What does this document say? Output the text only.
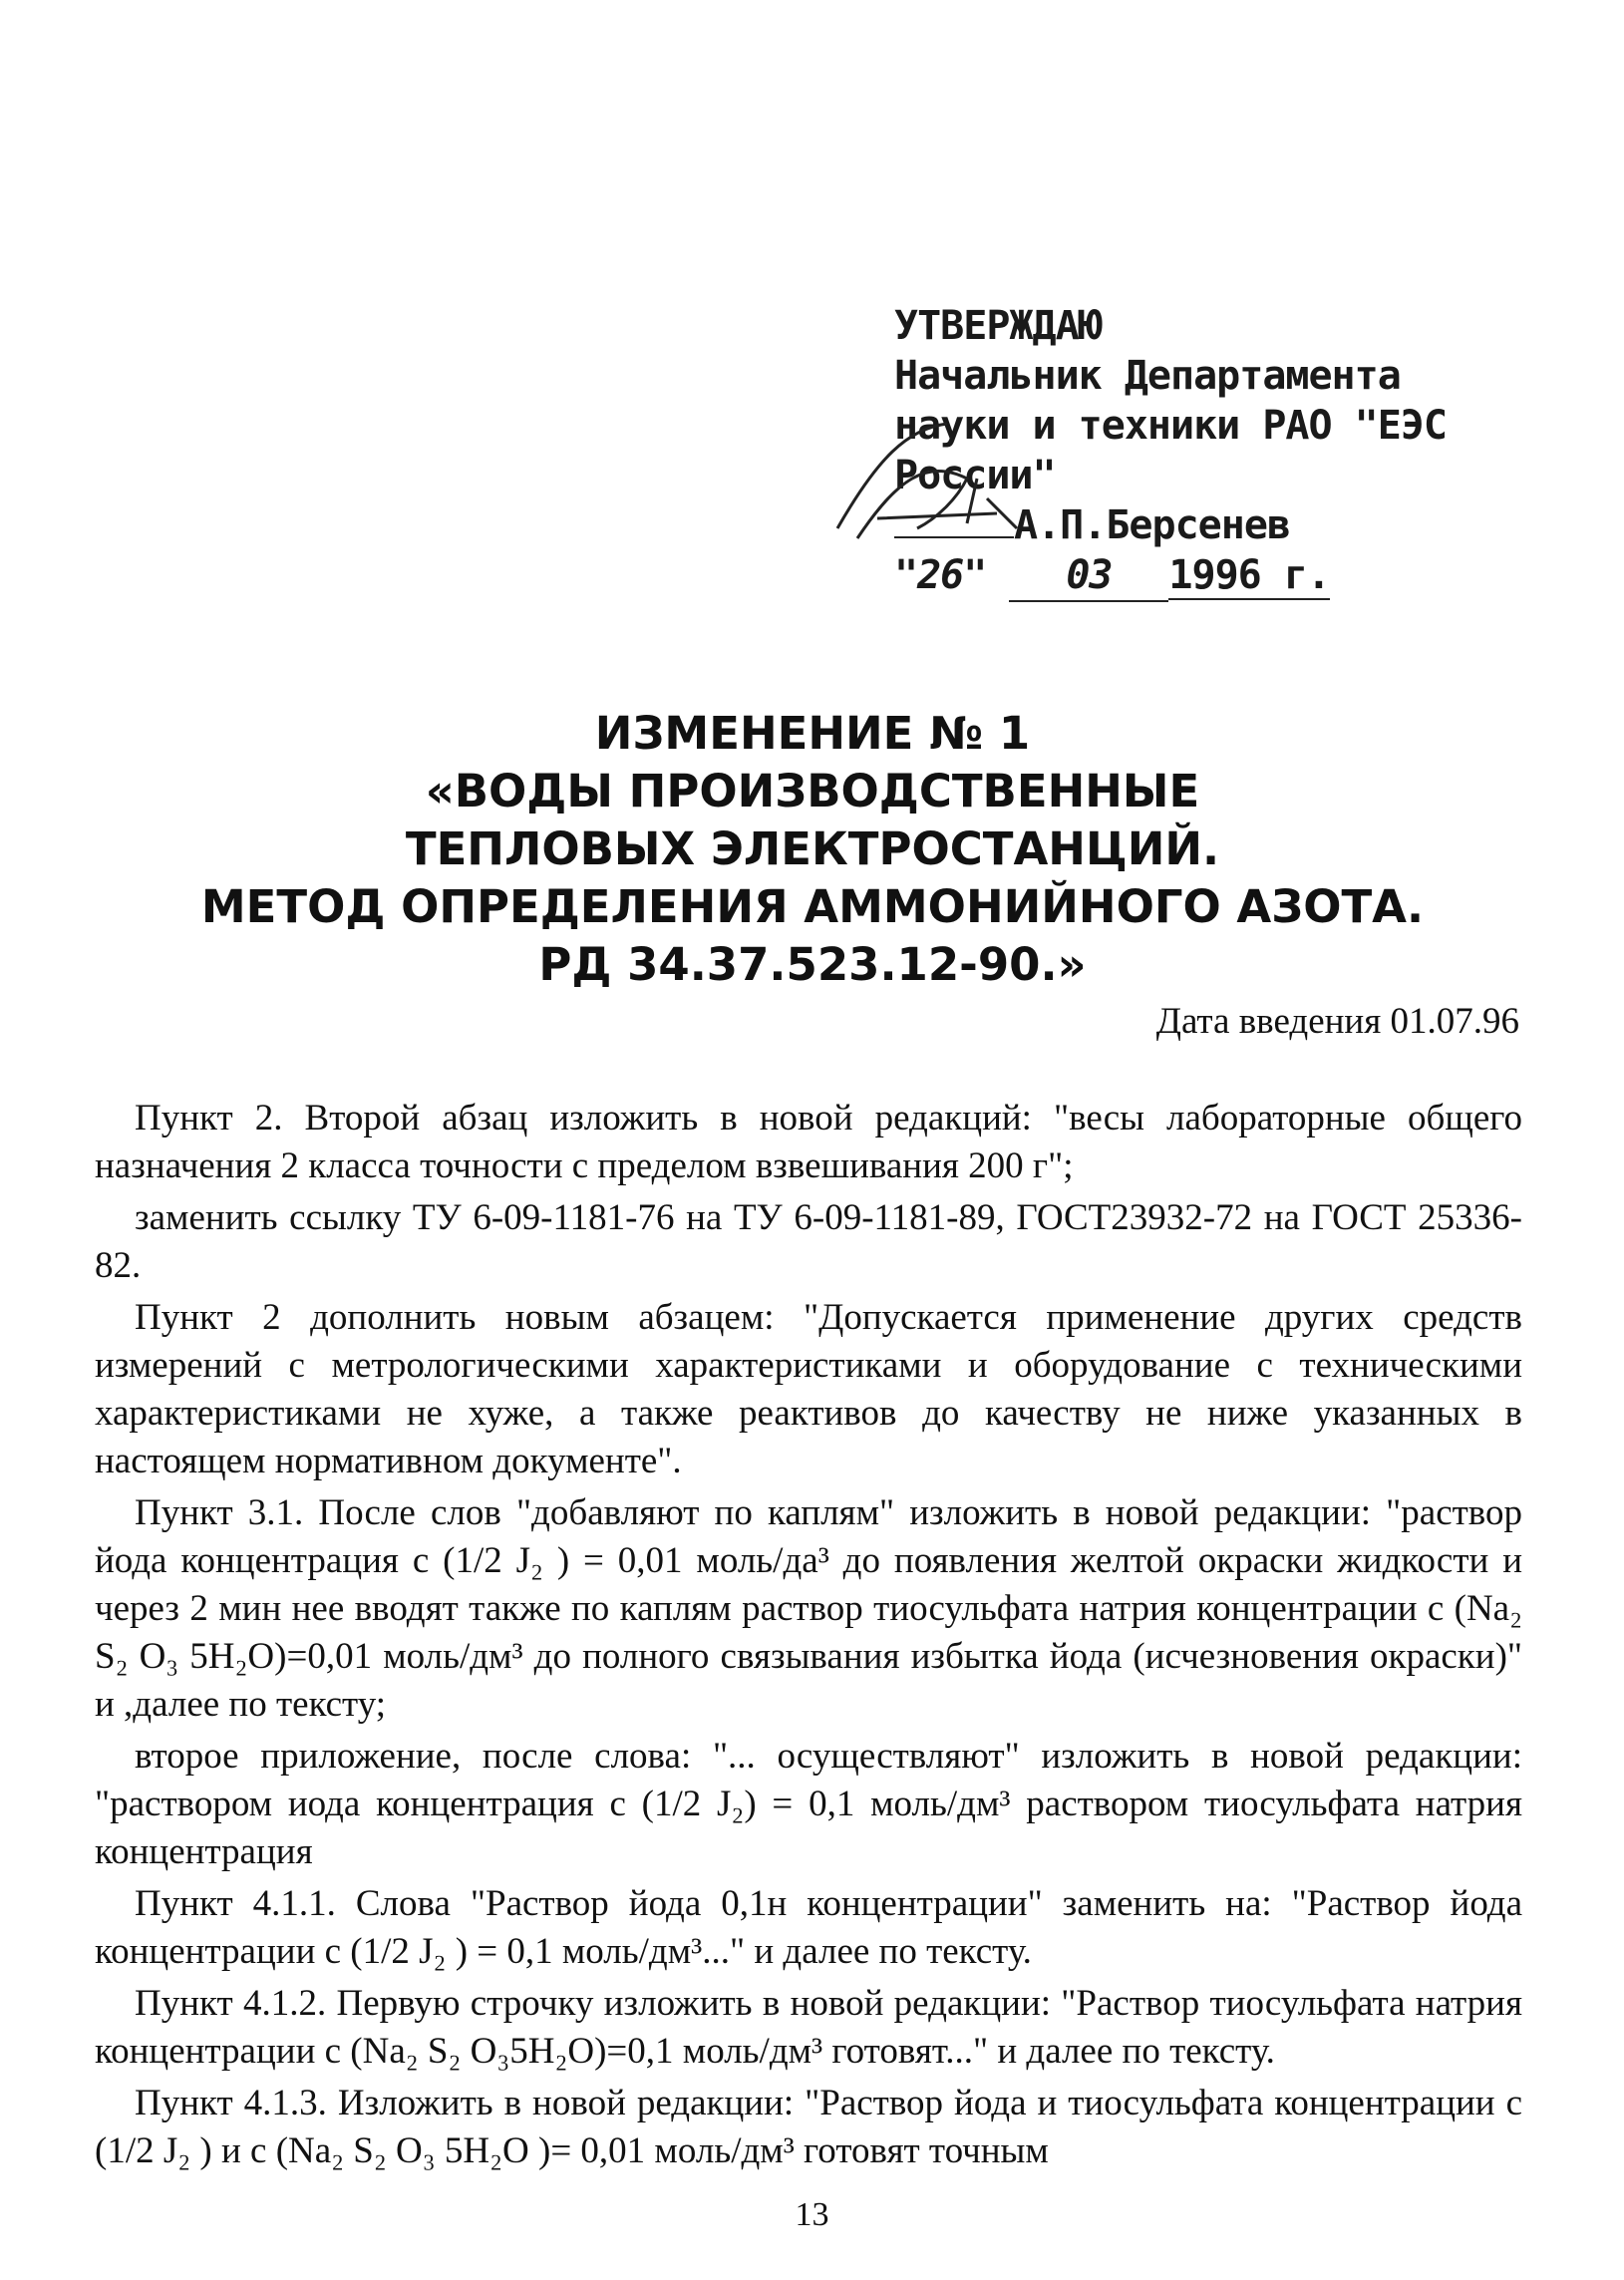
УТВЕРЖДАЮ
Начальник Департамента
науки и техники РАО "ЕЭС
России"
А.П.Берсенев
"26" 03 1996 г.
ИЗМЕНЕНИЕ № 1
«ВОДЫ ПРОИЗВОДСТВЕННЫЕ
ТЕПЛОВЫХ ЭЛЕКТРОСТАНЦИЙ.
МЕТОД ОПРЕДЕЛЕНИЯ АММОНИЙНОГО АЗОТА.
РД 34.37.523.12-90.»
Дата введения 01.07.96

Пункт 2. Второй абзац изложить в новой редакций: "весы лабораторные общего назначения 2 класса точности с пределом взвешивания 200 г";

заменить ссылку ТУ 6-09-1181-76 на ТУ 6-09-1181-89, ГОСТ23932-72 на ГОСТ 25336-82.

Пункт 2 дополнить новым абзацем: "Допускается применение других средств измерений с метрологическими характеристиками и оборудование с техническими характеристиками не хуже, а также реактивов до качеству не ниже указанных в настоящем нормативном документе".

Пункт 3.1. После слов "добавляют по каплям" изложить в новой редакции: "раствор йода концентрация с (1/2 J₂ ) = 0,01 моль/да³ до появления желтой окраски жидкости и через 2 мин нее вводят также по каплям раствор тиосульфата натрия концентрации с (Na₂ S₂ O₃ 5H₂O)=0,01 моль/дм³ до полного связывания избытка йода (исчезновения окраски)" и ,далее по тексту;

второе приложение, после слова: "... осуществляют" изложить в новой редакции: "раствором иода концентрация с (1/2 J₂) = 0,1 моль/дм³ раствором тиосульфата натрия концентрация

Пункт 4.1.1. Слова "Раствор йода 0,1н концентрации" заменить на: "Раствор йода концентрации с (1/2 J₂ ) = 0,1 моль/дм³..." и далее по тексту.

Пункт 4.1.2. Первую строчку изложить в новой редакции: "Раствор тиосульфата натрия концентрации с (Na₂ S₂ O₃5H₂O)=0,1 моль/дм³ готовят..." и далее по тексту.

Пункт 4.1.3. Изложить в новой редакции: "Раствор йода и тиосульфата концентрации с (1/2 J₂ ) и с (Na₂ S₂ O₃ 5H₂O )= 0,01 моль/дм³ готовят точным

13
